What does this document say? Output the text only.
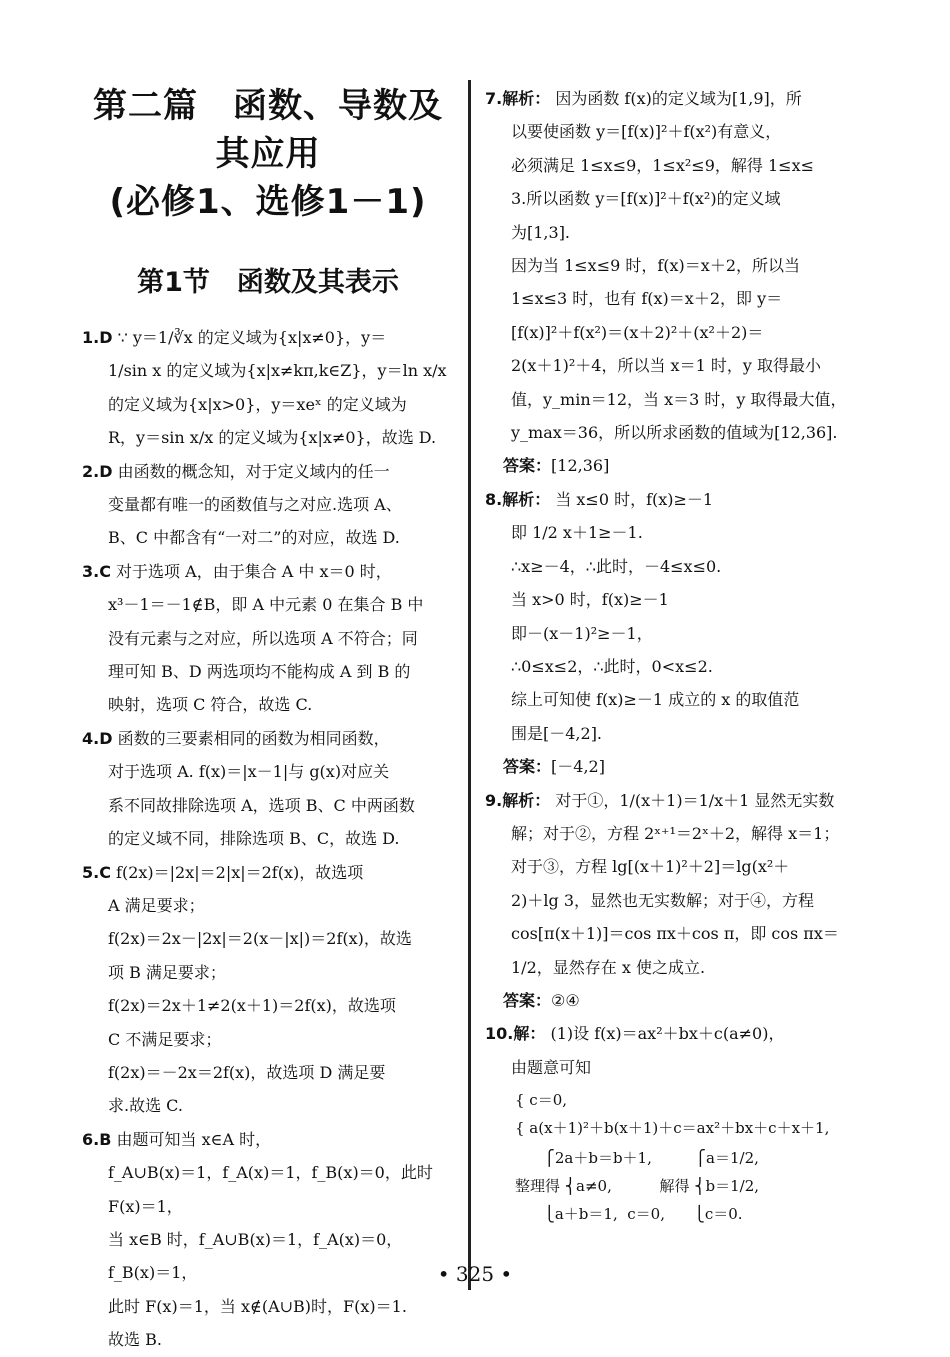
第二篇　函数、导数及其应用

(必修1、选修1－1)

第1节　函数及其表示

1.D ∵ y＝1/∛x 的定义域为{x|x≠0}，y＝

1/sin x 的定义域为{x|x≠kπ,k∈Z}，y＝ln x/x

的定义域为{x|x>0}，y＝xeˣ 的定义域为

R，y＝sin x/x 的定义域为{x|x≠0}，故选 D.

2.D 由函数的概念知，对于定义域内的任一

变量都有唯一的函数值与之对应.选项 A、

B、C 中都含有“一对二”的对应，故选 D.

3.C 对于选项 A，由于集合 A 中 x＝0 时，

x³－1＝－1∉B，即 A 中元素 0 在集合 B 中

没有元素与之对应，所以选项 A 不符合；同

理可知 B、D 两选项均不能构成 A 到 B 的

映射，选项 C 符合，故选 C.

4.D 函数的三要素相同的函数为相同函数，

对于选项 A. f(x)＝|x－1|与 g(x)对应关

系不同故排除选项 A，选项 B、C 中两函数

的定义域不同，排除选项 B、C，故选 D.

5.C f(2x)＝|2x|＝2|x|＝2f(x)，故选项

A 满足要求；

f(2x)＝2x－|2x|＝2(x－|x|)＝2f(x)，故选

项 B 满足要求；

f(2x)＝2x＋1≠2(x＋1)＝2f(x)，故选项

C 不满足要求；

f(2x)＝－2x＝2f(x)，故选项 D 满足要

求.故选 C.

6.B 由题可知当 x∈A 时，

f_A∪B(x)＝1，f_A(x)＝1，f_B(x)＝0，此时

F(x)＝1，

当 x∈B 时，f_A∪B(x)＝1，f_A(x)＝0，

f_B(x)＝1，

此时 F(x)＝1，当 x∉(A∪B)时，F(x)＝1.

故选 B.

7.解析： 因为函数 f(x)的定义域为[1,9]，所

以要使函数 y＝[f(x)]²＋f(x²)有意义，

必须满足 1≤x≤9，1≤x²≤9，解得 1≤x≤

3.所以函数 y＝[f(x)]²＋f(x²)的定义域

为[1,3].

因为当 1≤x≤9 时，f(x)＝x＋2，所以当

1≤x≤3 时，也有 f(x)＝x＋2，即 y＝

[f(x)]²＋f(x²)＝(x＋2)²＋(x²＋2)＝

2(x＋1)²＋4，所以当 x＝1 时，y 取得最小

值，y_min＝12，当 x＝3 时，y 取得最大值，

y_max＝36，所以所求函数的值域为[12,36].

答案：[12,36]

8.解析： 当 x≤0 时，f(x)≥－1

即 1/2 x＋1≥－1.

∴x≥－4，∴此时，－4≤x≤0.

当 x>0 时，f(x)≥－1

即－(x－1)²≥－1，

∴0≤x≤2，∴此时，0<x≤2.

综上可知使 f(x)≥－1 成立的 x 的取值范

围是[－4,2].

答案：[－4,2]

9.解析： 对于①，1/(x＋1)＝1/x＋1 显然无实数

解；对于②，方程 2ˣ⁺¹＝2ˣ＋2，解得 x＝1；

对于③，方程 lg[(x＋1)²＋2]＝lg(x²＋

2)＋lg 3，显然也无实数解；对于④，方程

cos[π(x＋1)]＝cos πx＋cos π，即 cos πx＝

1/2，显然存在 x 使之成立.

答案：②④

10.解： (1)设 f(x)＝ax²＋bx＋c(a≠0)，

由题意可知

{ c＝0,
{ a(x＋1)²＋b(x＋1)＋c＝ax²＋bx＋c＋x＋1,
⎧2a＋b＝b＋1,         ⎧a＝1/2,
整理得 ⎨a≠0,          解得 ⎨b＝1/2,
⎩a＋b＝1,  c＝0,      ⎩c＝0.
• 325 •
